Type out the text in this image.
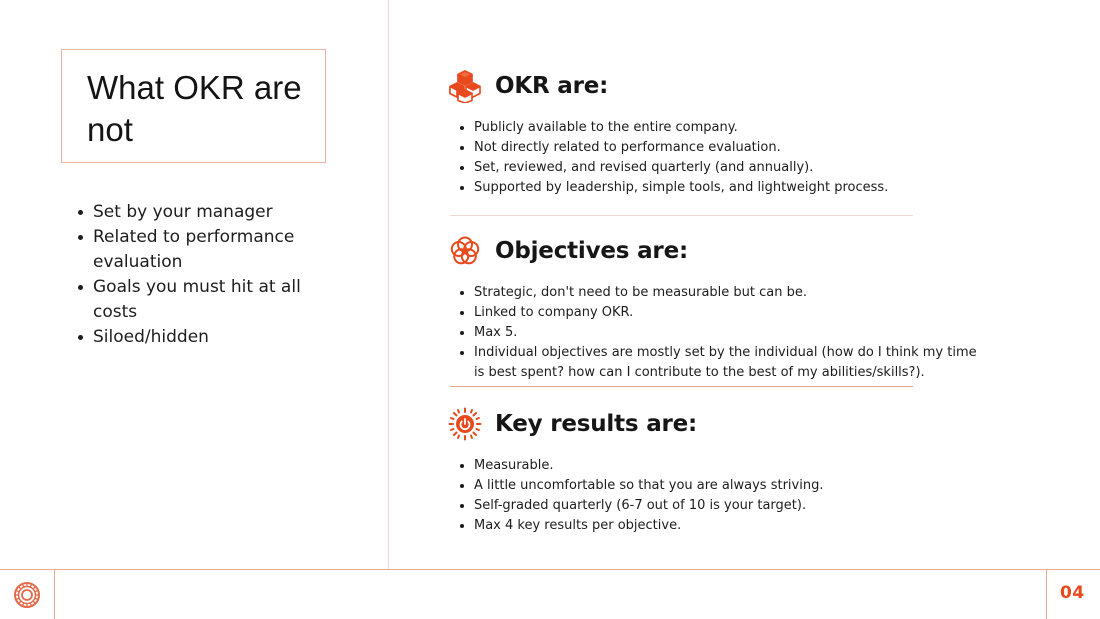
What OKR are not
Set by your manager
Related to performance evaluation
Goals you must hit at all costs
Siloed/hidden
OKR are:
Publicly available to the entire company.
Not directly related to performance evaluation.
Set, reviewed, and revised quarterly (and annually).
Supported by leadership, simple tools, and lightweight process.
Objectives are:
Strategic, don't need to be measurable but can be.
Linked to company OKR.
Max 5.
Individual objectives are mostly set by the individual (how do I think my time is best spent? how can I contribute to the best of my abilities/skills?).
Key results are:
Measurable.
A little uncomfortable so that you are always striving.
Self-graded quarterly (6-7 out of 10 is your target).
Max 4 key results per objective.
04
